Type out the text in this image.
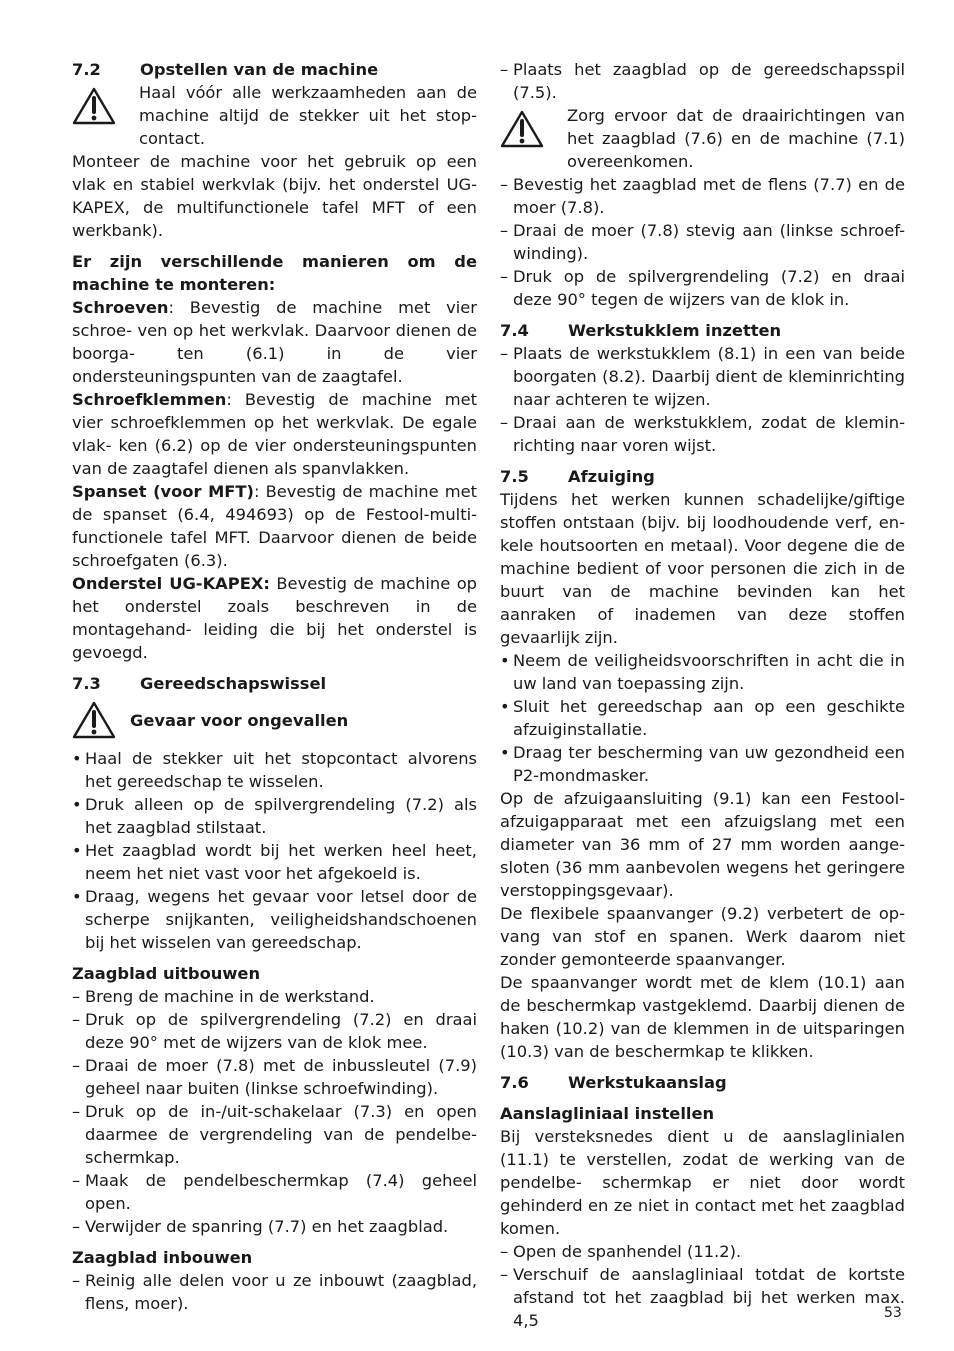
7.2 Opstellen van de machine

Haal vóór alle werkzaamheden aan de machine altijd de stekker uit het stop- contact.

Monteer de machine voor het gebruik op een vlak en stabiel werkvlak (bijv. het onderstel UG-KAPEX, de multifunctionele tafel MFT of een werkbank).

Er zijn verschillende manieren om de machine te monteren:

Schroeven: Bevestig de machine met vier schroe- ven op het werkvlak. Daarvoor dienen de boorga- ten (6.1) in de vier ondersteuningspunten van de zaagtafel.

Schroefklemmen: Bevestig de machine met vier schroefklemmen op het werkvlak. De egale vlak- ken (6.2) op de vier ondersteuningspunten van de zaagtafel dienen als spanvlakken.

Spanset (voor MFT): Bevestig de machine met de spanset (6.4, 494693) op de Festool-multi- functionele tafel MFT. Daarvoor dienen de beide schroefgaten (6.3).

Onderstel UG-KAPEX: Bevestig de machine op het onderstel zoals beschreven in de montagehand- leiding die bij het onderstel is gevoegd.

7.3 Gereedschapswissel
Gevaar voor ongevallen

• Haal de stekker uit het stopcontact alvorens het gereedschap te wisselen.

• Druk alleen op de spilvergrendeling (7.2) als het zaagblad stilstaat.

• Het zaagblad wordt bij het werken heel heet, neem het niet vast voor het afgekoeld is.

• Draag, wegens het gevaar voor letsel door de scherpe snijkanten, veiligheidshandschoenen bij het wisselen van gereedschap.

Zaagblad uitbouwen

– Breng de machine in de werkstand.

– Druk op de spilvergrendeling (7.2) en draai deze 90° met de wijzers van de klok mee.

– Draai de moer (7.8) met de inbussleutel (7.9) geheel naar buiten (linkse schroefwinding).

– Druk op de in-/uit-schakelaar (7.3) en open daarmee de vergrendeling van de pendelbe- schermkap.

– Maak de pendelbeschermkap (7.4) geheel open.

– Verwijder de spanring (7.7) en het zaagblad.

Zaagblad inbouwen

– Reinig alle delen voor u ze inbouwt (zaagblad, flens, moer).

– Plaats het zaagblad op de gereedschapsspil (7.5).

Zorg ervoor dat de draairichtingen van het zaagblad (7.6) en de machine (7.1) overeenkomen.

– Bevestig het zaagblad met de flens (7.7) en de moer (7.8).

– Draai de moer (7.8) stevig aan (linkse schroef- winding).

– Druk op de spilvergrendeling (7.2) en draai deze 90° tegen de wijzers van de klok in.

7.4 Werkstukklem inzetten

– Plaats de werkstukklem (8.1) in een van beide boorgaten (8.2). Daarbij dient de kleminrichting naar achteren te wijzen.

– Draai aan de werkstukklem, zodat de klemin- richting naar voren wijst.

7.5 Afzuiging

Tijdens het werken kunnen schadelijke/giftige stoffen ontstaan (bijv. bij loodhoudende verf, en- kele houtsoorten en metaal). Voor degene die de machine bedient of voor personen die zich in de buurt van de machine bevinden kan het aanraken of inademen van deze stoffen gevaarlijk zijn.

• Neem de veiligheidsvoorschriften in acht die in uw land van toepassing zijn.

• Sluit het gereedschap aan op een geschikte afzuiginstallatie.

• Draag ter bescherming van uw gezondheid een P2-mondmasker.

Op de afzuigaansluiting (9.1) kan een Festool- afzuigapparaat met een afzuigslang met een diameter van 36 mm of 27 mm worden aange- sloten (36 mm aanbevolen wegens het geringere verstoppingsgevaar).

De flexibele spaanvanger (9.2) verbetert de op- vang van stof en spanen. Werk daarom niet zonder gemonteerde spaanvanger.

De spaanvanger wordt met de klem (10.1) aan de beschermkap vastgeklemd. Daarbij dienen de haken (10.2) van de klemmen in de uitsparingen (10.3) van de beschermkap te klikken.

7.6 Werkstukaanslag

Aanslagliniaal instellen

Bij versteksnedes dient u de aanslaglinialen (11.1) te verstellen, zodat de werking van de pendelbe- schermkap er niet door wordt gehinderd en ze niet in contact met het zaagblad komen.

– Open de spanhendel (11.2).

– Verschuif de aanslagliniaal totdat de kortste afstand tot het zaagblad bij het werken max. 4,5	53
